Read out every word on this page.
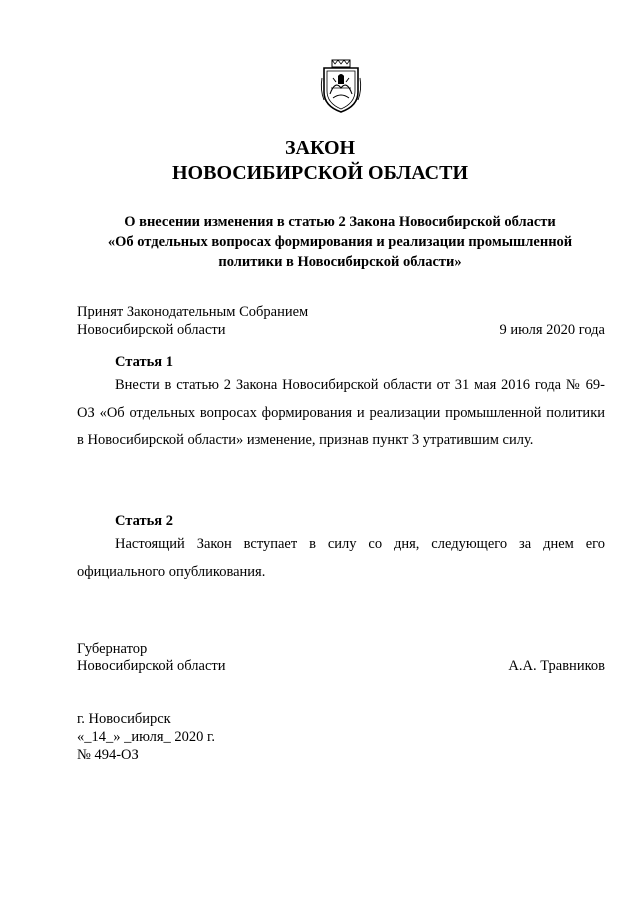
ЗАКОН
НОВОСИБИРСКОЙ ОБЛАСТИ
О внесении изменения в статью 2 Закона Новосибирской области
«Об отдельных вопросах формирования и реализации промышленной
политики в Новосибирской области»
Принят Законодательным Собранием
Новосибирской области	9 июля 2020 года
Статья 1
Внести в статью 2 Закона Новосибирской области от 31 мая 2016 года № 69-ОЗ «Об отдельных вопросах формирования и реализации промышленной политики в Новосибирской области» изменение, признав пункт 3 утратившим силу.
Статья 2
Настоящий Закон вступает в силу со дня, следующего за днем его официального опубликования.
Губернатор
Новосибирской области	А.А. Травников
г. Новосибирск
«_14_» _июля_ 2020 г.
№ 494-ОЗ
